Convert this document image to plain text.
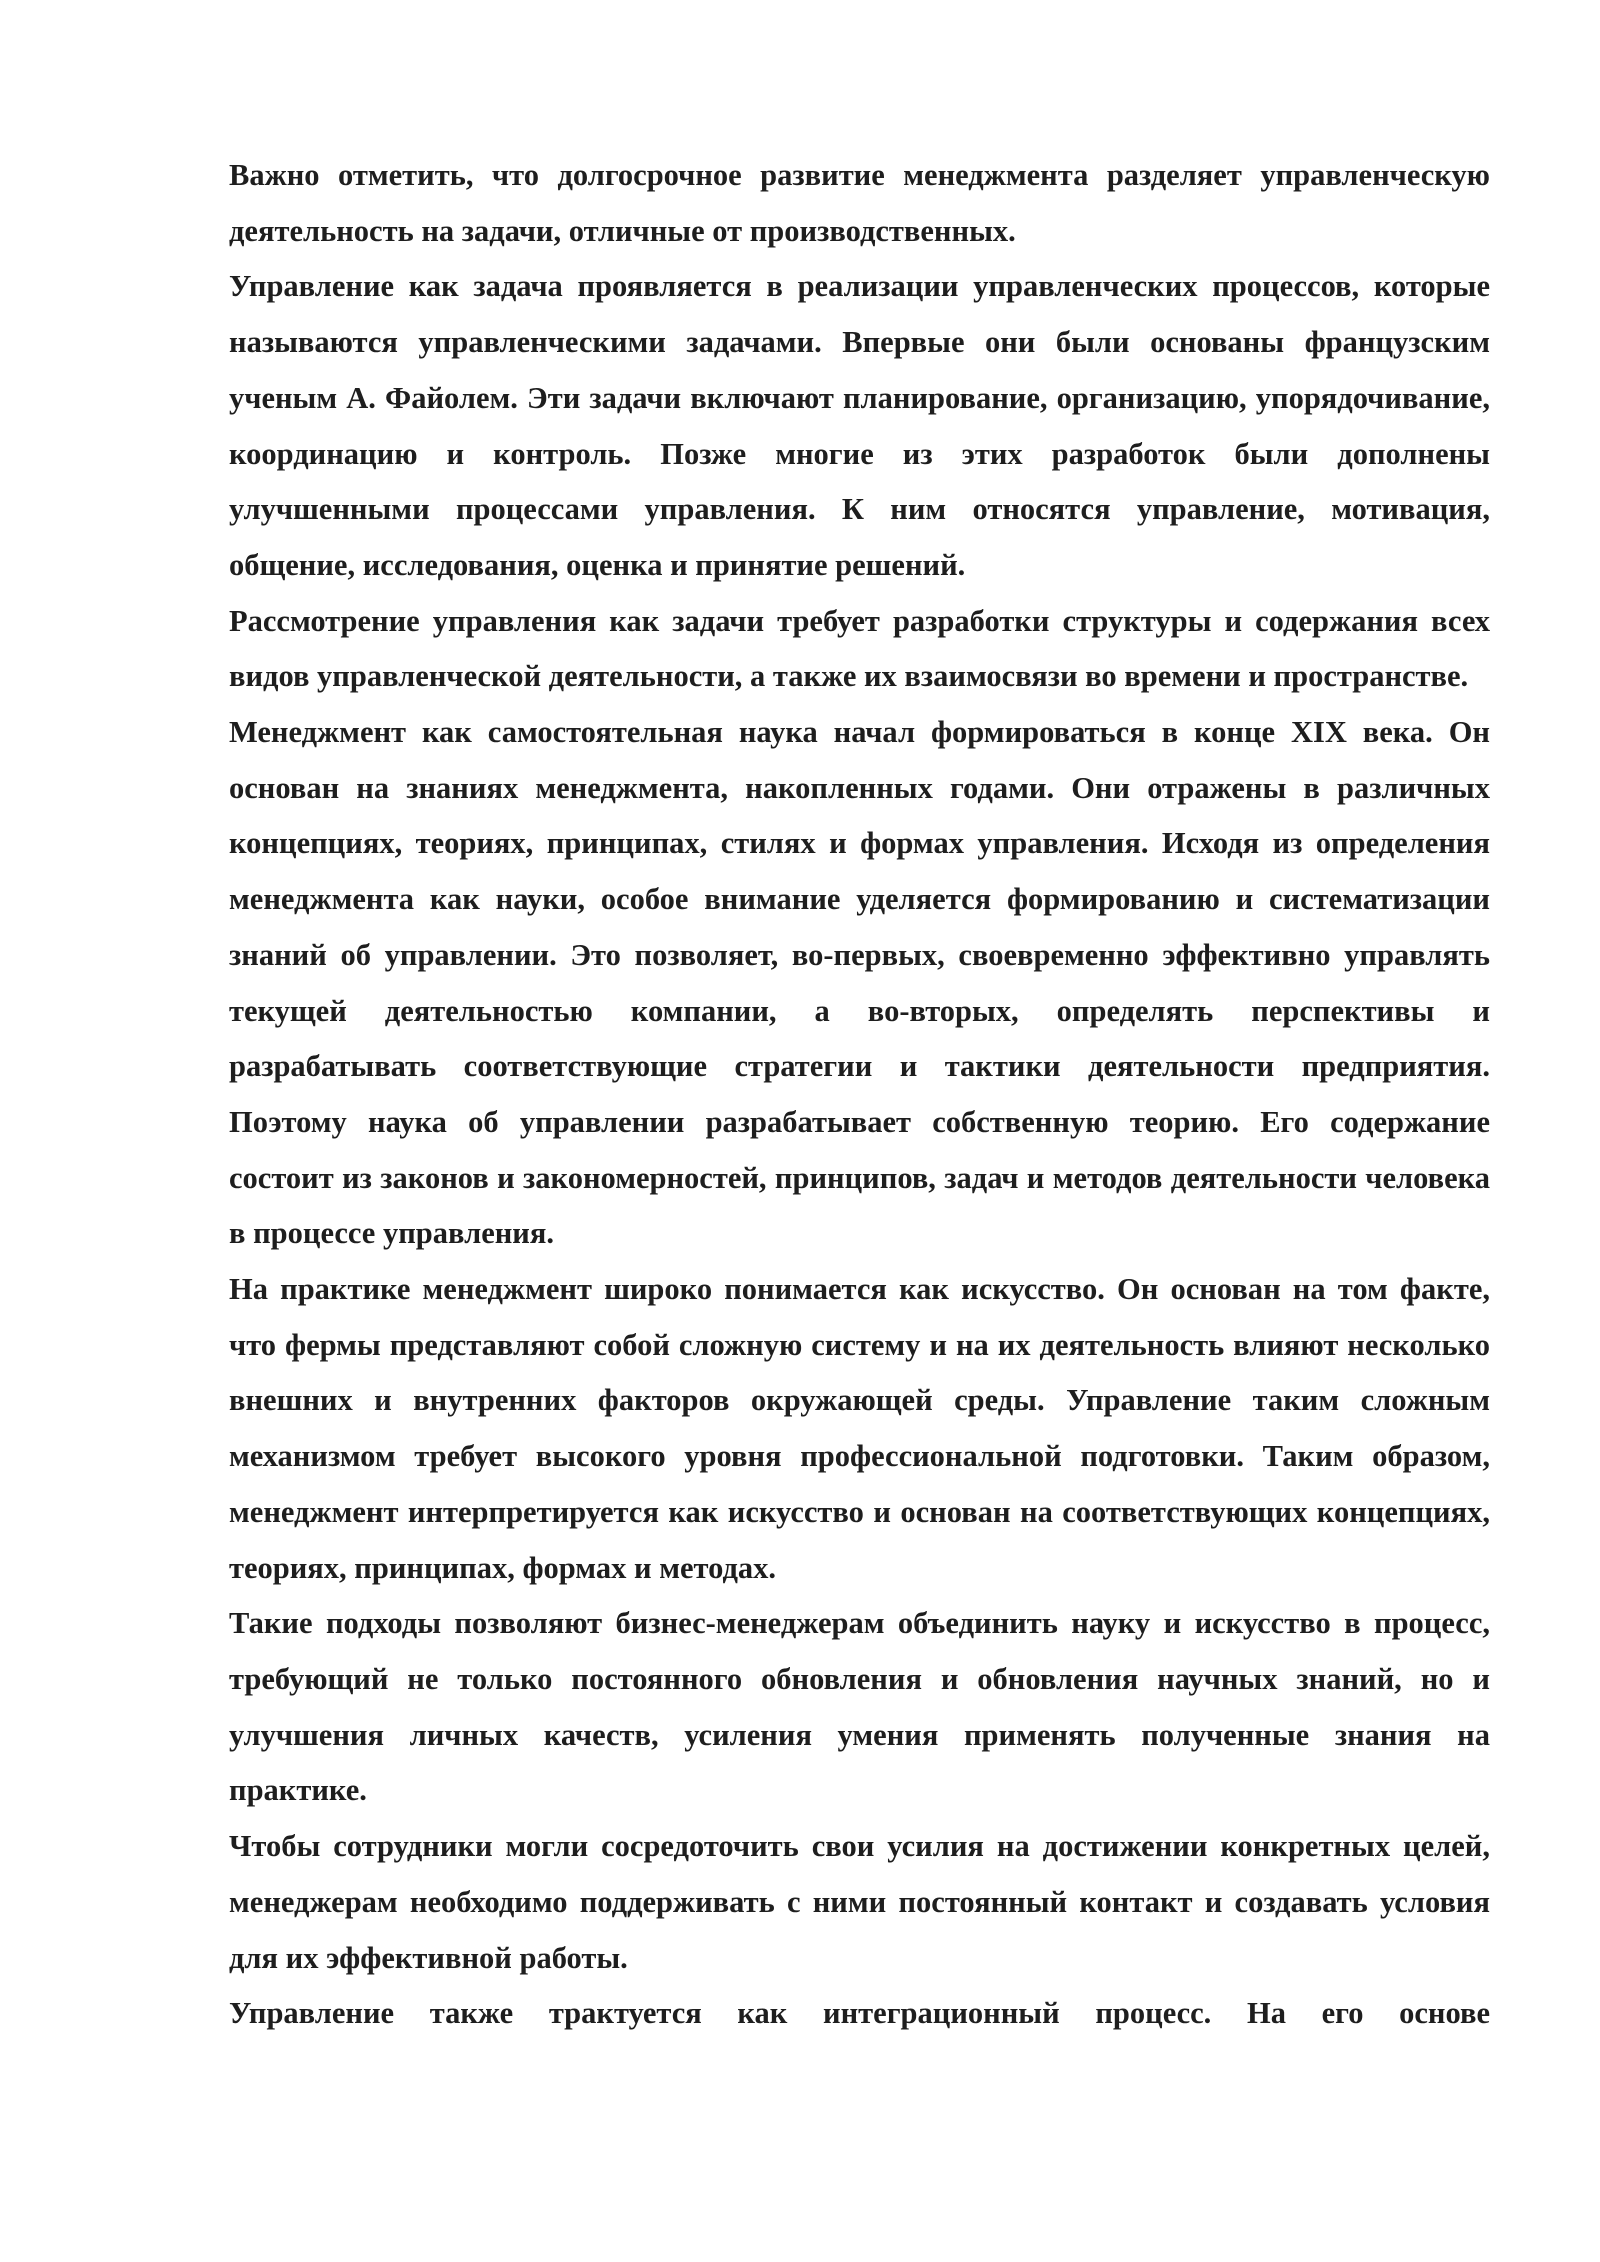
Важно отметить, что долгосрочное развитие менеджмента разделяет управленческую деятельность на задачи, отличные от производственных.

Управление как задача проявляется в реализации управленческих процессов, которые называются управленческими задачами. Впервые они были основаны французским ученым А. Файолем. Эти задачи включают планирование, организацию, упорядочивание, координацию и контроль. Позже многие из этих разработок были дополнены улучшенными процессами управления. К ним относятся управление, мотивация, общение, исследования, оценка и принятие решений.

Рассмотрение управления как задачи требует разработки структуры и содержания всех видов управленческой деятельности, а также их взаимосвязи во времени и пространстве.

Менеджмент как самостоятельная наука начал формироваться в конце XIX века. Он основан на знаниях менеджмента, накопленных годами. Они отражены в различных концепциях, теориях, принципах, стилях и формах управления. Исходя из определения менеджмента как науки, особое внимание уделяется формированию и систематизации знаний об управлении. Это позволяет, во-первых, своевременно эффективно управлять текущей деятельностью компании, а во-вторых, определять перспективы и разрабатывать соответствующие стратегии и тактики деятельности предприятия. Поэтому наука об управлении разрабатывает собственную теорию. Его содержание состоит из законов и закономерностей, принципов, задач и методов деятельности человека в процессе управления.

На практике менеджмент широко понимается как искусство. Он основан на том факте, что фермы представляют собой сложную систему и на их деятельность влияют несколько внешних и внутренних факторов окружающей среды. Управление таким сложным механизмом требует высокого уровня профессиональной подготовки. Таким образом, менеджмент интерпретируется как искусство и основан на соответствующих концепциях, теориях, принципах, формах и методах.

Такие подходы позволяют бизнес-менеджерам объединить науку и искусство в процесс, требующий не только постоянного обновления и обновления научных знаний, но и улучшения личных качеств, усиления умения применять полученные знания на практике.

Чтобы сотрудники могли сосредоточить свои усилия на достижении конкретных целей, менеджерам необходимо поддерживать с ними постоянный контакт и создавать условия для их эффективной работы.

Управление также трактуется как интеграционный процесс. На его основе
